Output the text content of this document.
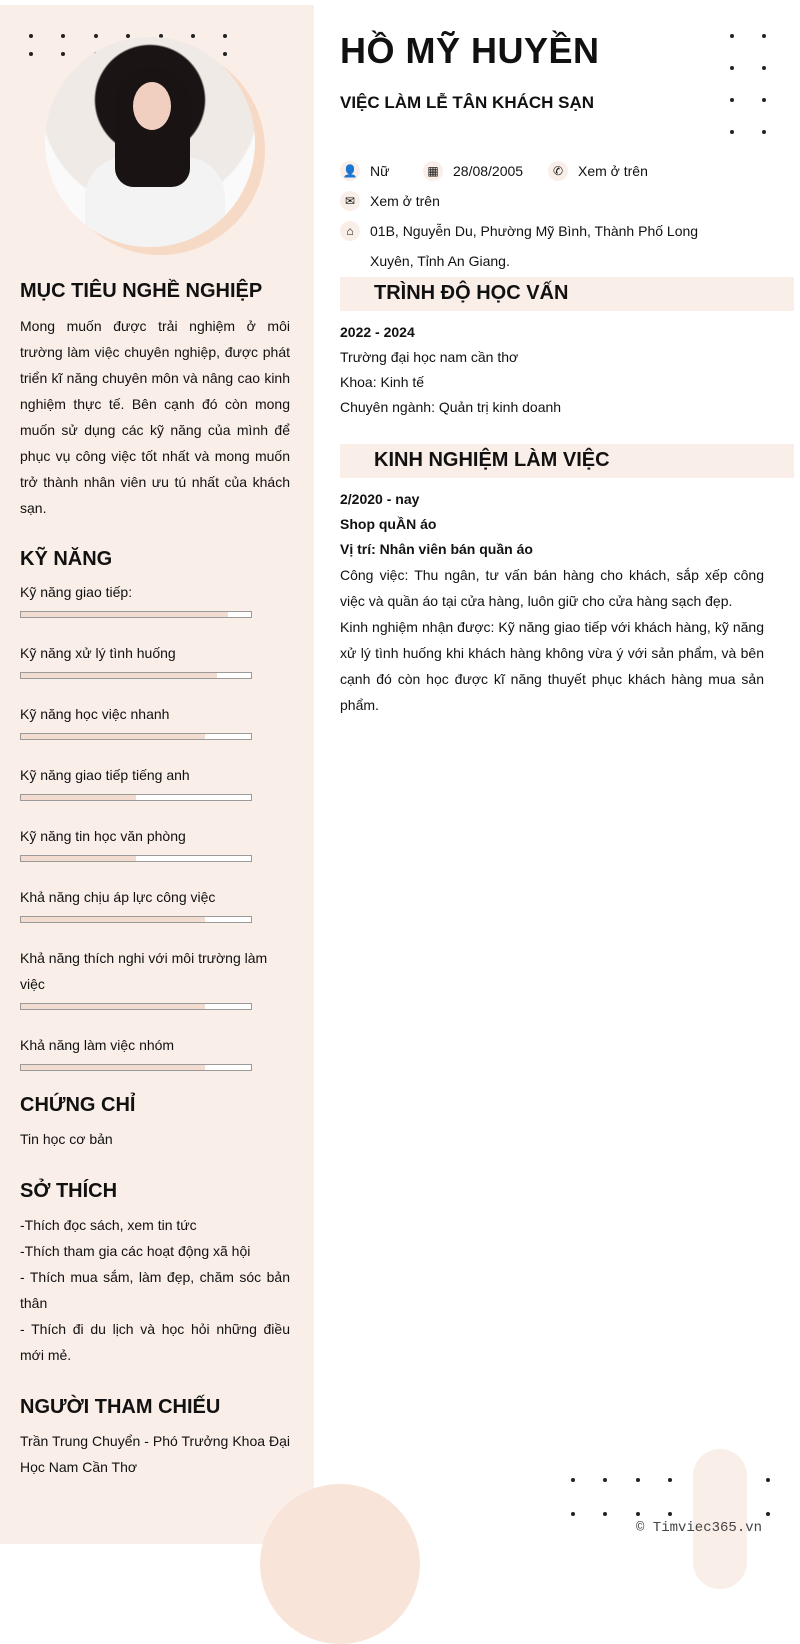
MỤC TIÊU NGHỀ NGHIỆP
Mong muốn được trải nghiệm ở môi trường làm việc chuyên nghiệp, được phát triển kĩ năng chuyên môn và nâng cao kinh nghiệm thực tế. Bên cạnh đó còn mong muốn sử dụng các kỹ năng của mình để phục vụ công việc tốt nhất và mong muốn trở thành nhân viên ưu tú nhất của khách sạn.
KỸ NĂNG
Kỹ năng giao tiếp:
Kỹ năng xử lý tình huống
Kỹ năng học việc nhanh
Kỹ năng giao tiếp tiếng anh
Kỹ năng tin học văn phòng
Khả năng chịu áp lực công việc
Khả năng thích nghi với môi trường làm việc
Khả năng làm việc nhóm
CHỨNG CHỈ
Tin học cơ bản
SỞ THÍCH
-Thích đọc sách, xem tin tức
-Thích tham gia các hoạt động xã hội
- Thích mua sắm, làm đẹp, chăm sóc bản thân
- Thích đi du lịch và học hỏi những điều mới mẻ.
NGƯỜI THAM CHIẾU
Trần Trung Chuyển - Phó Trưởng Khoa Đại Học Nam Cần Thơ
HỒ MỸ HUYỀN
VIỆC LÀM LỄ TÂN KHÁCH SẠN
👤 Nữ	▦	28/08/2005	✆	Xem ở trên
✉	Xem ở trên
⌂	01B, Nguyễn Du, Phường Mỹ Bình, Thành Phố Long
Xuyên, Tỉnh An Giang.
TRÌNH ĐỘ HỌC VẤN
2022 - 2024
Trường đại học nam cần thơ
Khoa: Kinh tế
Chuyên ngành: Quản trị kinh doanh
KINH NGHIỆM LÀM VIỆC
2/2020 - nay
Shop quẦN áo
Vị trí: Nhân viên bán quần áo
Công việc: Thu ngân, tư vấn bán hàng cho khách, sắp xếp công việc và quần áo tại cửa hàng, luôn giữ cho cửa hàng sạch đẹp.
Kinh nghiệm nhận được: Kỹ năng giao tiếp với khách hàng, kỹ năng xử lý tình huống khi khách hàng không vừa ý với sản phẩm, và bên cạnh đó còn học được kĩ năng thuyết phục khách hàng mua sản phẩm.
© Timviec365.vn
